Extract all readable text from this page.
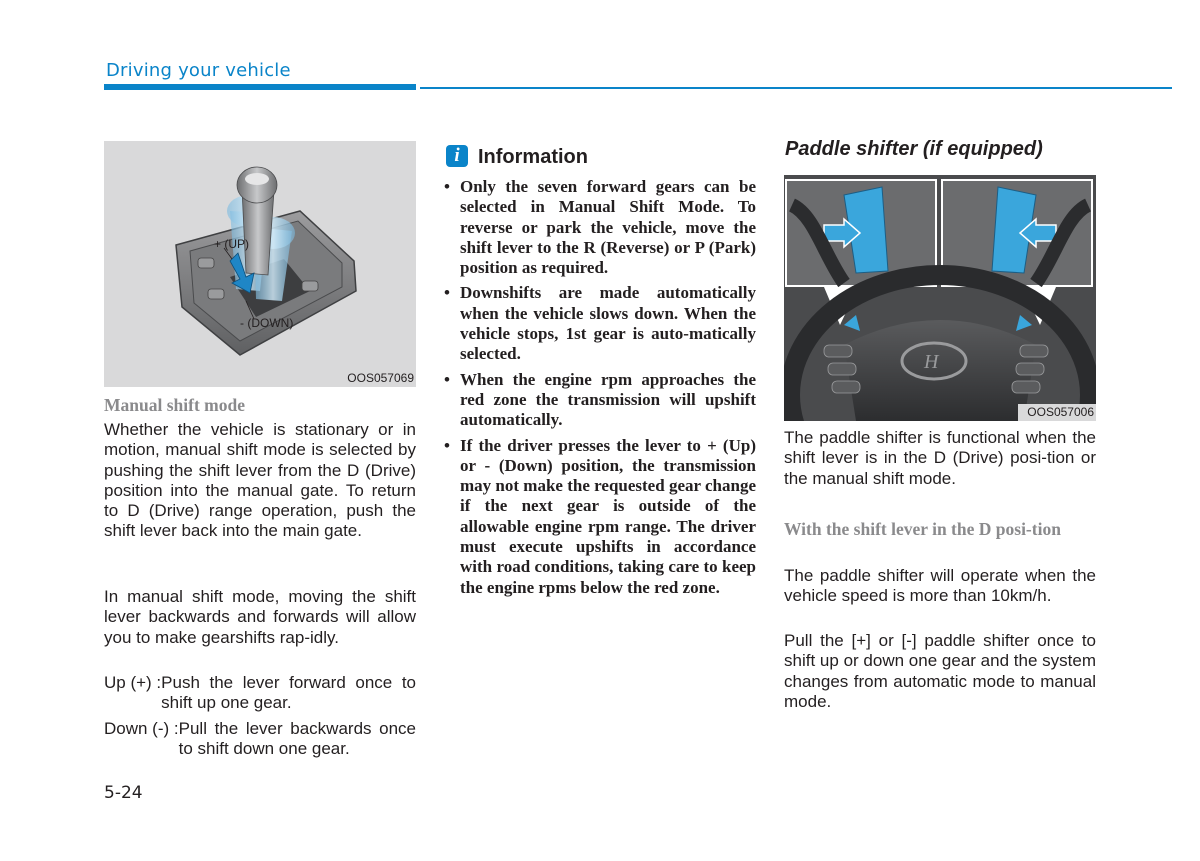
Driving your vehicle
+ (UP)
- (DOWN)
OOS057069
Manual shift mode
Whether the vehicle is stationary or in motion, manual shift mode is selected by pushing the shift lever from the D (Drive) position into the manual gate. To return to D (Drive) range operation, push the shift lever back into the main gate.
In manual shift mode, moving the shift lever backwards and forwards will allow you to make gearshifts rap-idly.
Up (+) : Push the lever forward once to shift up one gear.
Down (-) : Pull the lever backwards once to shift down one gear.
i Information
• Only the seven forward gears can be selected in Manual Shift Mode. To reverse or park the vehicle, move the shift lever to the R (Reverse) or P (Park) position as required.
• Downshifts are made automatically when the vehicle slows down. When the vehicle stops, 1st gear is auto-matically selected.
• When the engine rpm approaches the red zone the transmission will upshift automatically.
• If the driver presses the lever to + (Up) or - (Down) position, the transmission may not make the requested gear change if the next gear is outside of the allowable engine rpm range. The driver must execute upshifts in accordance with road conditions, taking care to keep the engine rpms below the red zone.
Paddle shifter (if equipped)
H
OOS057006
The paddle shifter is functional when the shift lever is in the D (Drive) posi-tion or the manual shift mode.
With the shift lever in the D posi-tion
The paddle shifter will operate when the vehicle speed is more than 10km/h.
Pull the [+] or [-] paddle shifter once to shift up or down one gear and the system changes from automatic mode to manual mode.
5-24
